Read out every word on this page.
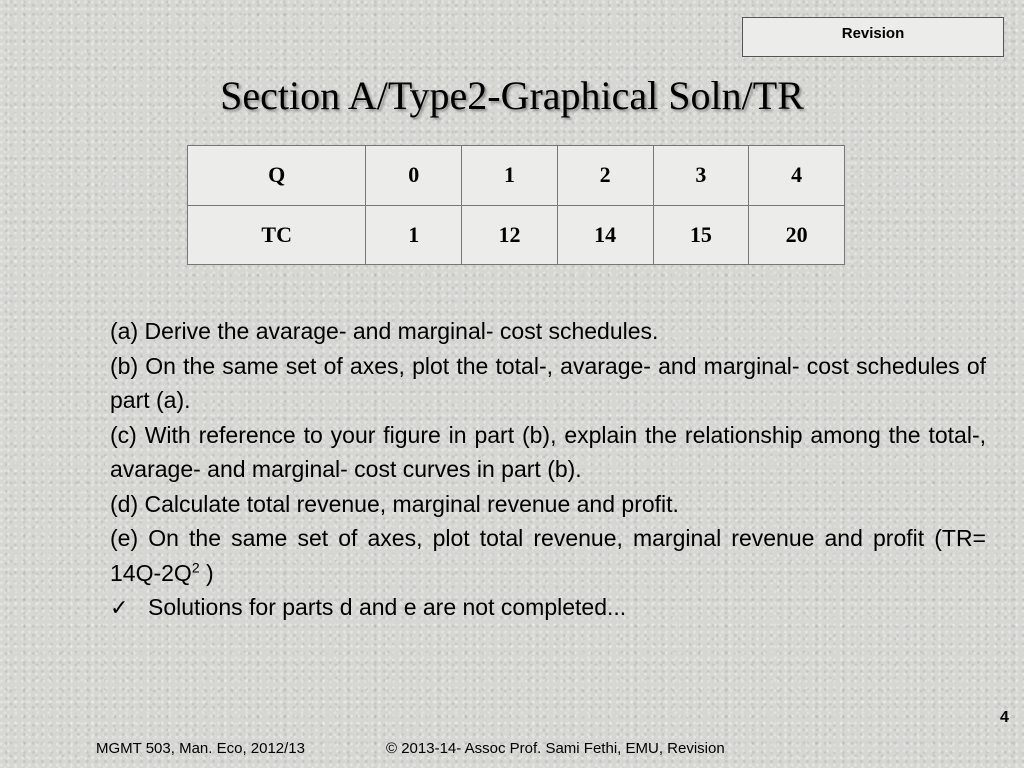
Revision
Section A/Type2-Graphical Soln/TR
Q	0	1	2	3	4
TC	1	12	14	15	20

(a) Derive the avarage- and marginal- cost schedules.

(b) On the same set of axes, plot the total-, avarage- and marginal- cost schedules of part (a).

(c) With reference to your figure in part (b), explain the relationship among the total-, avarage- and marginal- cost curves in part (b).

(d) Calculate total revenue, marginal revenue and profit.

(e) On the same set of axes, plot total revenue, marginal revenue and profit ($TR= 14Q-2Q^2$ )

✓ Solutions for parts d and e are not completed...

4
MGMT 503, Man. Eco, 2012/13	© 2013-14- Assoc Prof. Sami Fethi, EMU, Revision
